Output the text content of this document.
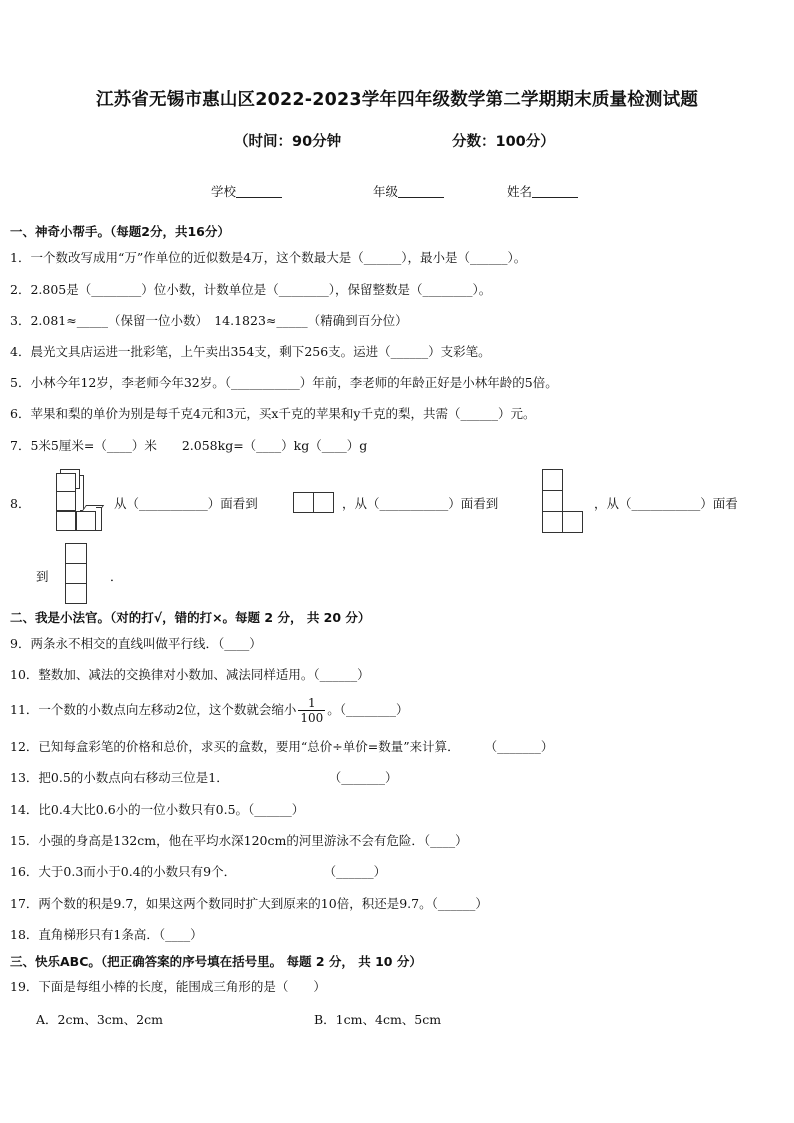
江苏省无锡市惠山区2022-2023学年四年级数学第二学期期末质量检测试题
（时间：90分钟	分数：100分）
学校	年级	姓名
一、神奇小帮手。（每题2分，共16分）
1．一个数改写成用“万”作单位的近似数是4万，这个数最大是（______），最小是（______）。
2．2.805是（________）位小数，计数单位是（________），保留整数是（________）。
3．2.081≈_____（保留一位小数）　14.1823≈_____（精确到百分位）
4．晨光文具店运进一批彩笔，上午卖出354支，剩下256支。运进（______）支彩笔。
5．小林今年12岁，李老师今年32岁。（___________）年前，李老师的年龄正好是小林年龄的5倍。
6．苹果和梨的单价为别是每千克4元和3元，买x千克的苹果和y千克的梨，共需（______）元。
7．5米5厘米=（____）米　　2.058kg=（____）kg（____）g
8．	从（___________）面看到	，从（___________）面看到	，从（___________）面看
到	．
二、我是小法官。（对的打√，错的打×。每题 2 分， 共 20 分）
9．两条永不相交的直线叫做平行线．（____）
10．整数加、减法的交换律对小数加、减法同样适用。（______）
11．一个数的小数点向左移动2位，这个数就会缩小 $\frac{1}{100}$ 。（________）
12．已知每盒彩笔的价格和总价，求买的盒数，要用“总价÷单价=数量”来计算．　　　（_______）
13．把0.5的小数点向右移动三位是1．　　　　　　　　　（_______）
14．比0.4大比0.6小的一位小数只有0.5。（______）
15．小强的身高是132cm，他在平均水深120cm的河里游泳不会有危险．（____）
16．大于0.3而小于0.4的小数只有9个．　　　　　　　　（______）
17．两个数的积是9.7，如果这两个数同时扩大到原来的10倍，积还是9.7。（______）
18．直角梯形只有1条高．（____）
三、快乐ABC。（把正确答案的序号填在括号里。 每题 2 分， 共 10 分）
19．下面是每组小棒的长度，能围成三角形的是（　　）
A．2cm、3cm、2cm	B．1cm、4cm、5cm
